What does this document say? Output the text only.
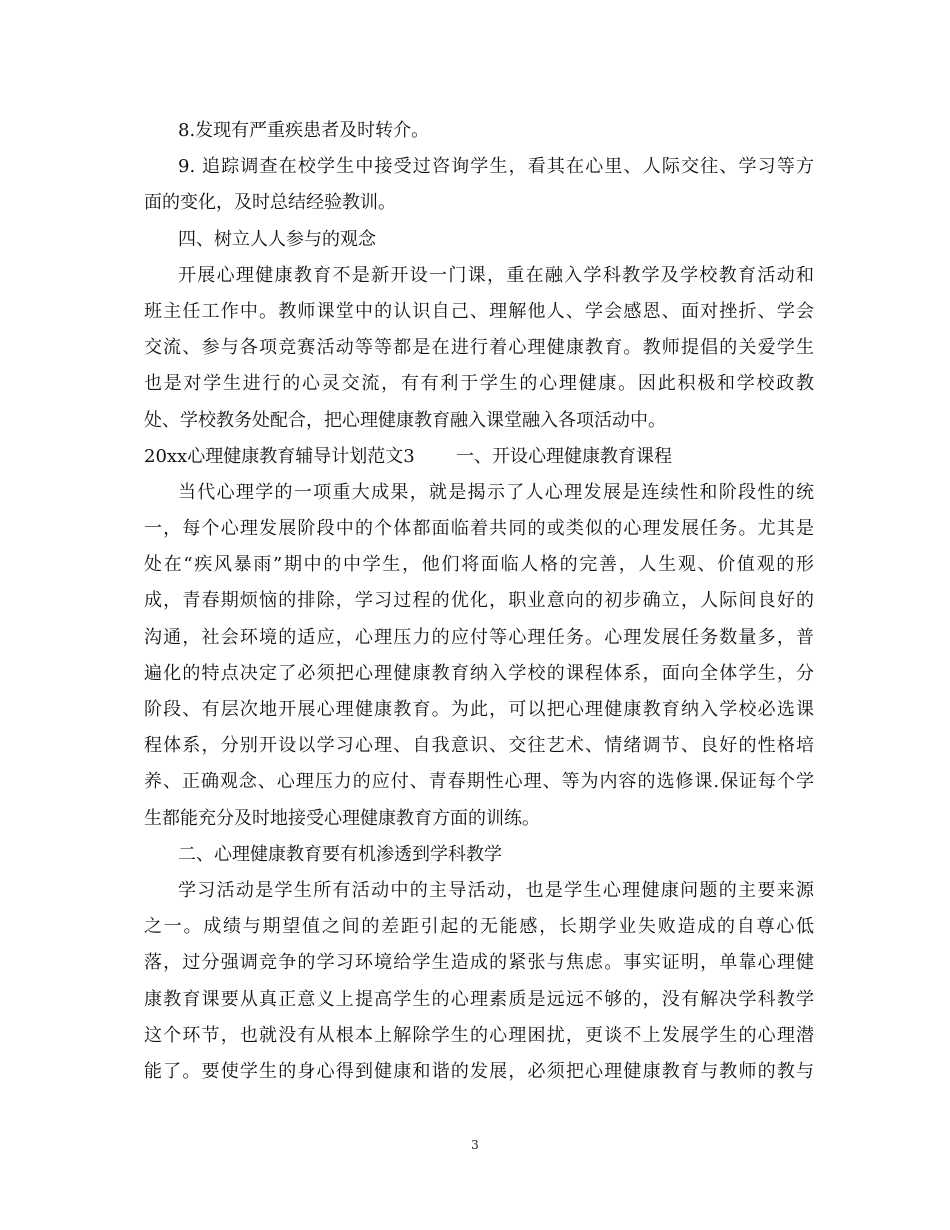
8.发现有严重疾患者及时转介。
9. 追踪调查在校学生中接受过咨询学生，看其在心里、人际交往、学习等方
面的变化，及时总结经验教训。
四、树立人人参与的观念
开展心理健康教育不是新开设一门课，重在融入学科教学及学校教育活动和
班主任工作中。教师课堂中的认识自己、理解他人、学会感恩、面对挫折、学会
交流、参与各项竞赛活动等等都是在进行着心理健康教育。教师提倡的关爱学生
也是对学生进行的心灵交流，有有利于学生的心理健康。因此积极和学校政教
处、学校教务处配合，把心理健康教育融入课堂融入各项活动中。
20xx心理健康教育辅导计划范文3 一、开设心理健康教育课程
当代心理学的一项重大成果，就是揭示了人心理发展是连续性和阶段性的统
一，每个心理发展阶段中的个体都面临着共同的或类似的心理发展任务。尤其是
处在“疾风暴雨”期中的中学生，他们将面临人格的完善，人生观、价值观的形
成，青春期烦恼的排除，学习过程的优化，职业意向的初步确立，人际间良好的
沟通，社会环境的适应，心理压力的应付等心理任务。心理发展任务数量多，普
遍化的特点决定了必须把心理健康教育纳入学校的课程体系，面向全体学生，分
阶段、有层次地开展心理健康教育。为此，可以把心理健康教育纳入学校必选课
程体系，分别开设以学习心理、自我意识、交往艺术、情绪调节、良好的性格培
养、正确观念、心理压力的应付、青春期性心理、等为内容的选修课.保证每个学
生都能充分及时地接受心理健康教育方面的训练。
二、心理健康教育要有机渗透到学科教学
学习活动是学生所有活动中的主导活动，也是学生心理健康问题的主要来源
之一。成绩与期望值之间的差距引起的无能感，长期学业失败造成的自尊心低
落，过分强调竞争的学习环境给学生造成的紧张与焦虑。事实证明，单靠心理健
康教育课要从真正意义上提高学生的心理素质是远远不够的，没有解决学科教学
这个环节，也就没有从根本上解除学生的心理困扰，更谈不上发展学生的心理潜
能了。要使学生的身心得到健康和谐的发展，必须把心理健康教育与教师的教与
3
